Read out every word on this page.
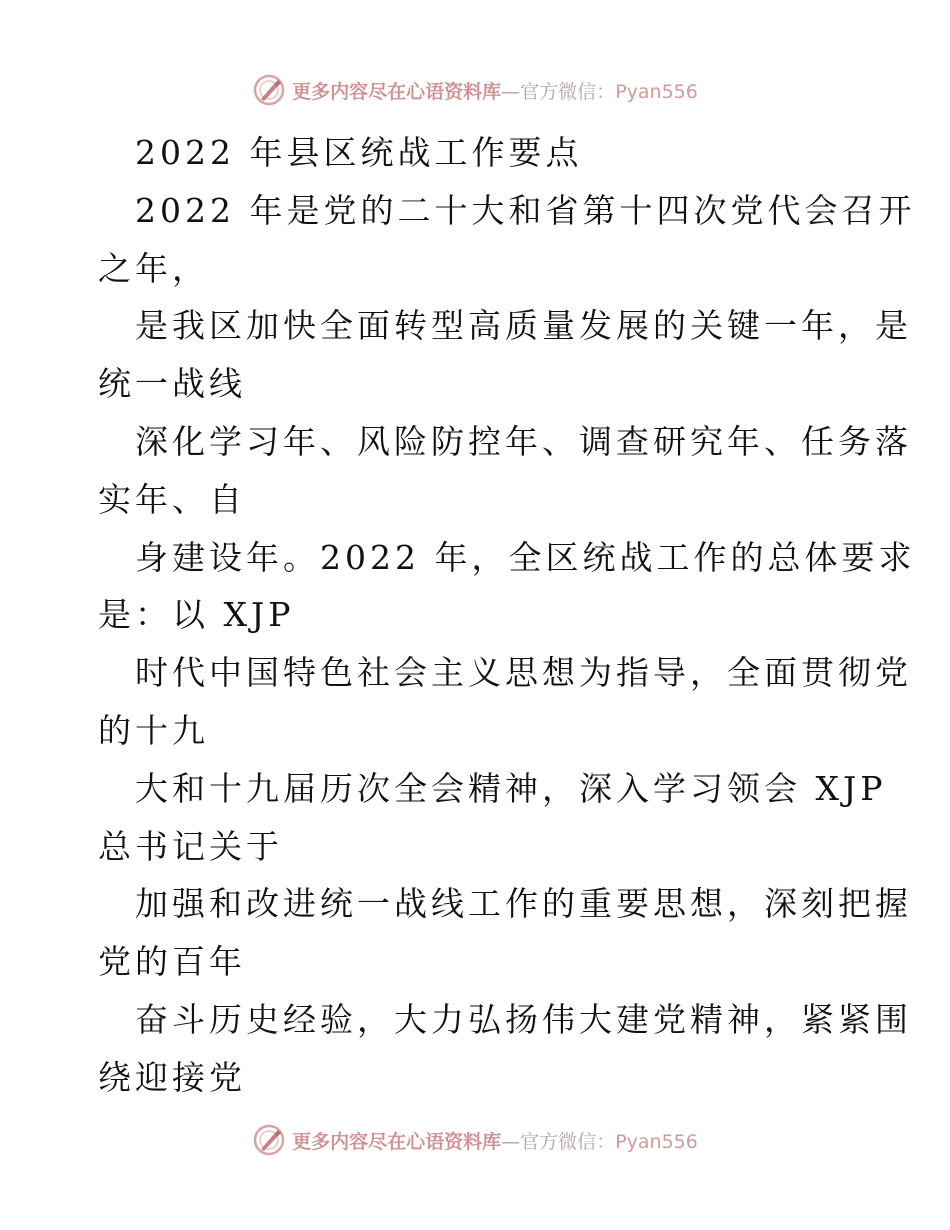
更多内容尽在心语资料库—官方微信：Pyan556
2022 年县区统战工作要点
2022 年是党的二十大和省第十四次党代会召开
之年，
是我区加快全面转型高质量发展的关键一年，是
统一战线
深化学习年、风险防控年、调查研究年、任务落
实年、自
身建设年。2022 年，全区统战工作的总体要求
是：以 XJP
时代中国特色社会主义思想为指导，全面贯彻党
的十九
大和十九届历次全会精神，深入学习领会 XJP
总书记关于
加强和改进统一战线工作的重要思想，深刻把握
党的百年
奋斗历史经验，大力弘扬伟大建党精神，紧紧围
绕迎接党
更多内容尽在心语资料库—官方微信：Pyan556
